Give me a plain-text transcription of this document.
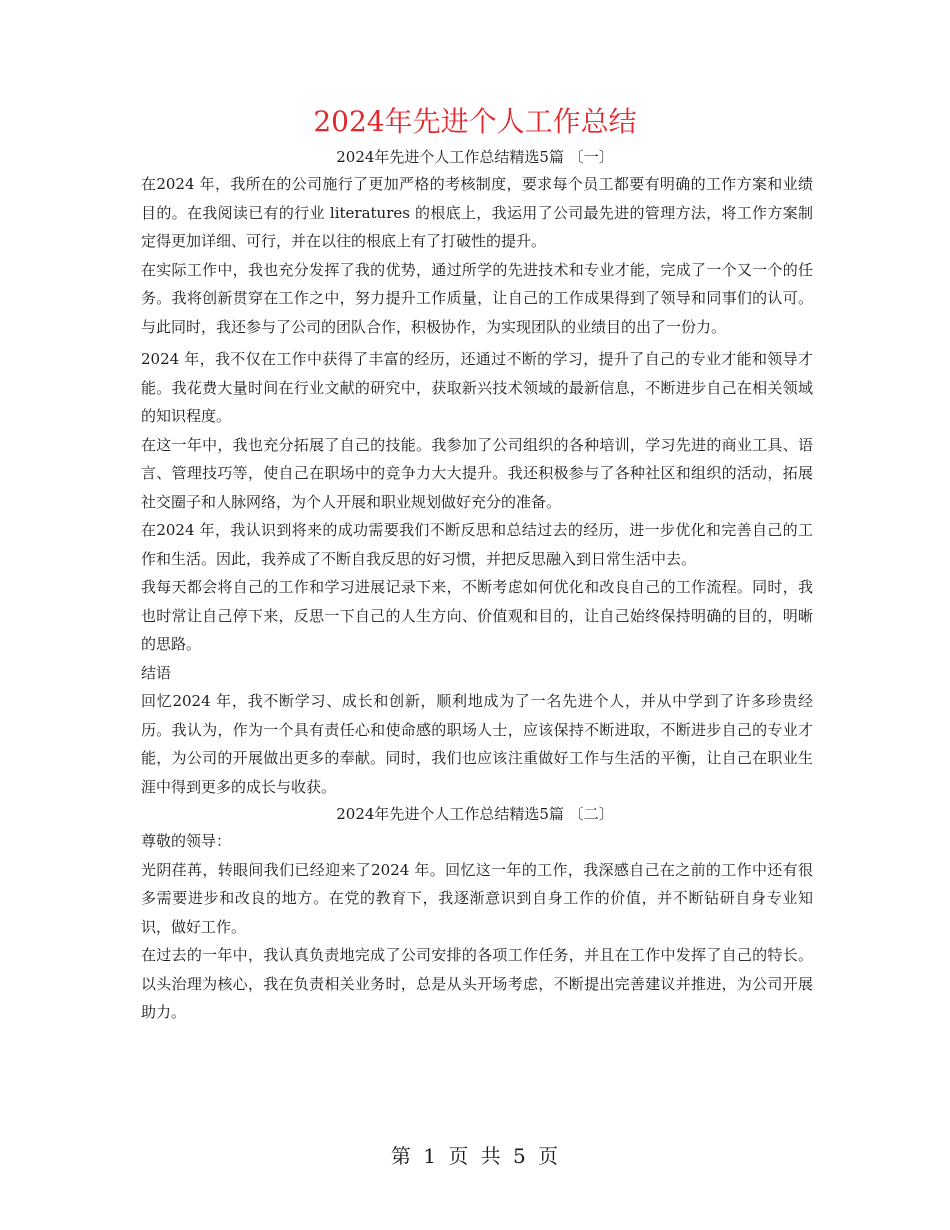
2024年先进个人工作总结

2024年先进个人工作总结精选5篇 〔一〕

在2024 年，我所在的公司施行了更加严格的考核制度，要求每个员工都要有明确的工作方案和业绩目的。在我阅读已有的行业 literatures 的根底上，我运用了公司最先进的管理方法，将工作方案制定得更加详细、可行，并在以往的根底上有了打破性的提升。

在实际工作中，我也充分发挥了我的优势，通过所学的先进技术和专业才能，完成了一个又一个的任务。我将创新贯穿在工作之中，努力提升工作质量，让自己的工作成果得到了领导和同事们的认可。与此同时，我还参与了公司的团队合作，积极协作，为实现团队的业绩目的出了一份力。

2024 年，我不仅在工作中获得了丰富的经历，还通过不断的学习，提升了自己的专业才能和领导才能。我花费大量时间在行业文献的研究中，获取新兴技术领域的最新信息，不断进步自己在相关领域的知识程度。

在这一年中，我也充分拓展了自己的技能。我参加了公司组织的各种培训，学习先进的商业工具、语言、管理技巧等，使自己在职场中的竞争力大大提升。我还积极参与了各种社区和组织的活动，拓展社交圈子和人脉网络，为个人开展和职业规划做好充分的准备。

在2024 年，我认识到将来的成功需要我们不断反思和总结过去的经历，进一步优化和完善自己的工作和生活。因此，我养成了不断自我反思的好习惯，并把反思融入到日常生活中去。

我每天都会将自己的工作和学习进展记录下来，不断考虑如何优化和改良自己的工作流程。同时，我也时常让自己停下来，反思一下自己的人生方向、价值观和目的，让自己始终保持明确的目的，明晰的思路。

结语

回忆2024 年，我不断学习、成长和创新，顺利地成为了一名先进个人，并从中学到了许多珍贵经历。我认为，作为一个具有责任心和使命感的职场人士，应该保持不断进取，不断进步自己的专业才能，为公司的开展做出更多的奉献。同时，我们也应该注重做好工作与生活的平衡，让自己在职业生涯中得到更多的成长与收获。

2024年先进个人工作总结精选5篇 〔二〕

尊敬的领导：

光阴荏苒，转眼间我们已经迎来了2024 年。回忆这一年的工作，我深感自己在之前的工作中还有很多需要进步和改良的地方。在党的教育下，我逐渐意识到自身工作的价值，并不断钻研自身专业知识，做好工作。

在过去的一年中，我认真负责地完成了公司安排的各项工作任务，并且在工作中发挥了自己的特长。以头治理为核心，我在负责相关业务时，总是从头开场考虑，不断提出完善建议并推进，为公司开展助力。

第 1 页 共 5 页
